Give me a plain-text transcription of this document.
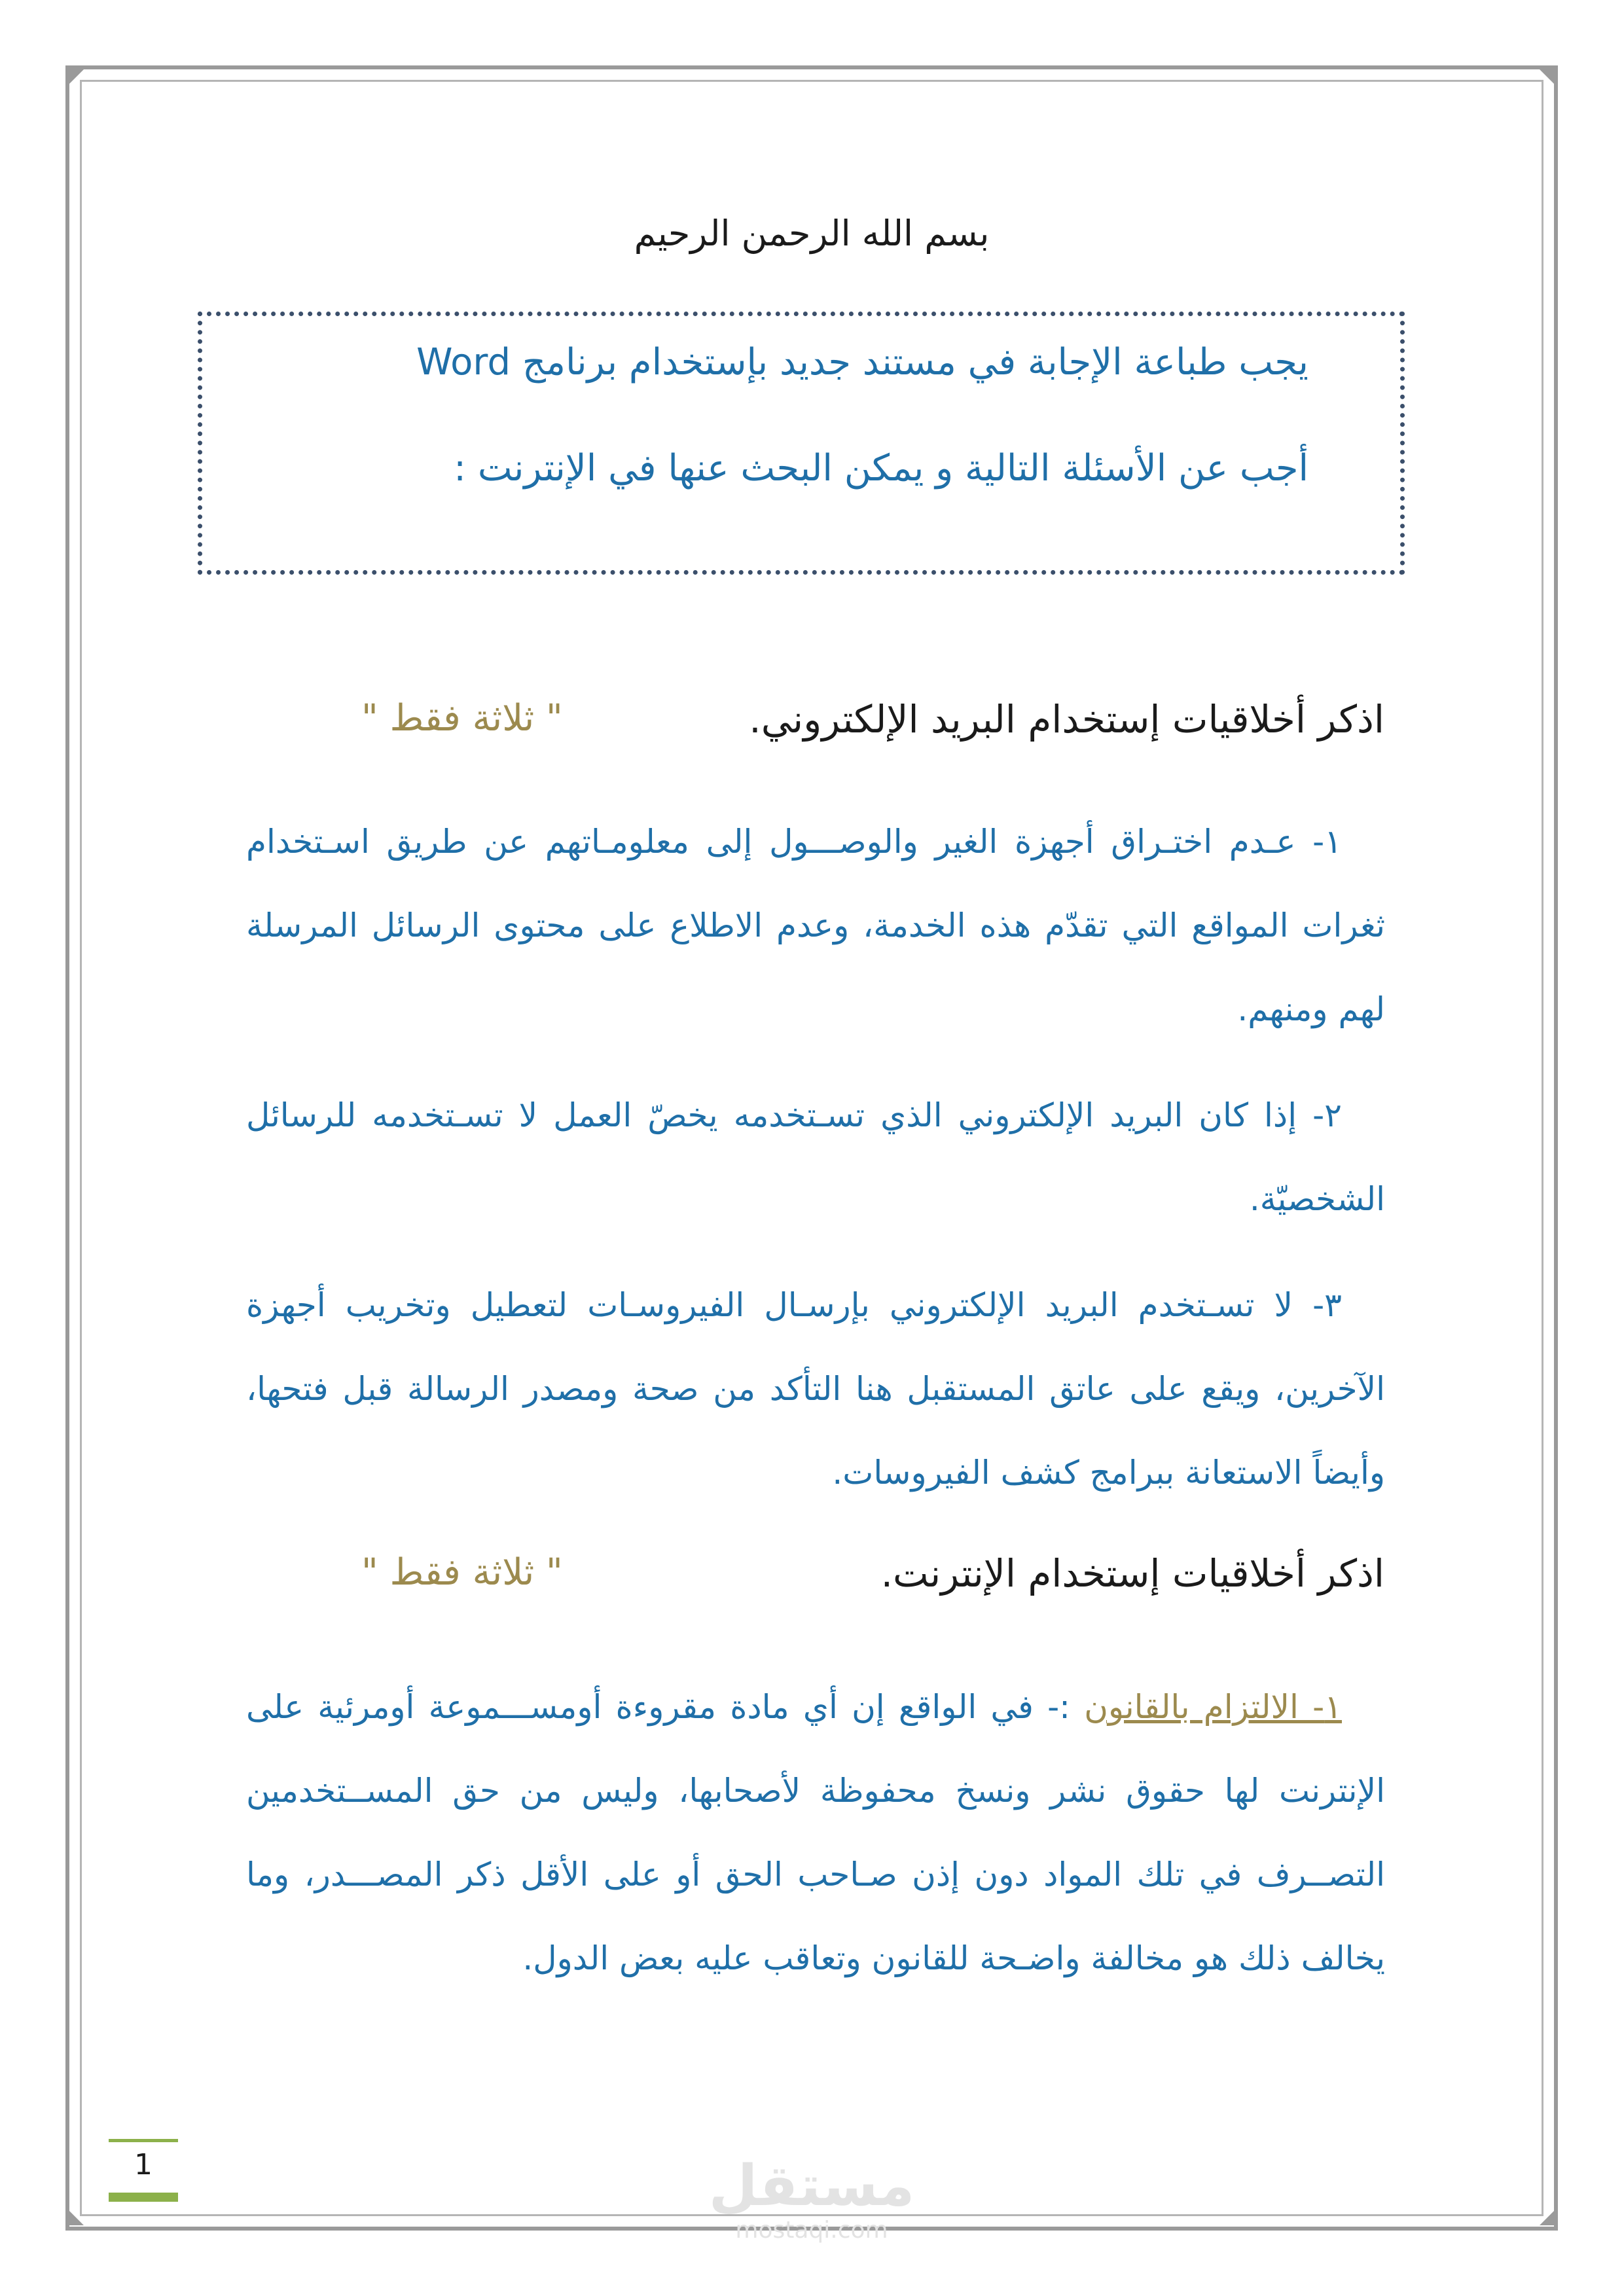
بسم الله الرحمن الرحيم
يجب طباعة الإجابة في مستند جديد بإستخدام برنامج Word
أجب عن الأسئلة التالية و يمكن البحث عنها في الإنترنت :
اذكر أخلاقيات إستخدام البريد الإلكتروني.
" ثلاثة فقط "
١- عـدم اختـراق أجهزة الغير والوصـــول إلى معلومـاتهم عن طريق اسـتخدام ثغرات المواقع التي تقدّم هذه الخدمة، وعدم الاطلاع على محتوى الرسائل المرسلة لهم ومنهم.
٢- إذا كان البريد الإلكتروني الذي تسـتخدمه يخصّ العمل لا تسـتخدمه للرسائل الشخصيّة.
٣- لا تسـتخدم البريد الإلكتروني بإرسـال الفيروسـات لتعطيل وتخريب أجهزة الآخرين، ويقع على عاتق المستقبل هنا التأكد من صحة ومصدر الرسالة قبل فتحها، وأيضاً الاستعانة ببرامج كشف الفيروسات.
اذكر أخلاقيات إستخدام الإنترنت.
" ثلاثة فقط "
١- الالتزام بالقانون :- في الواقع إن أي مادة مقروءة أومســـموعة أومرئية على الإنترنت لها حقوق نشر ونسخ محفوظة لأصحابها، وليس من حق المســتخدمين التصــرف في تلك المواد دون إذن صـاحب الحق أو على الأقل ذكر المصـــدر، وما يخالف ذلك هو مخالفة واضـحة للقانون وتعاقب عليه بعض الدول.
1	مستقل
mostaqi.com
